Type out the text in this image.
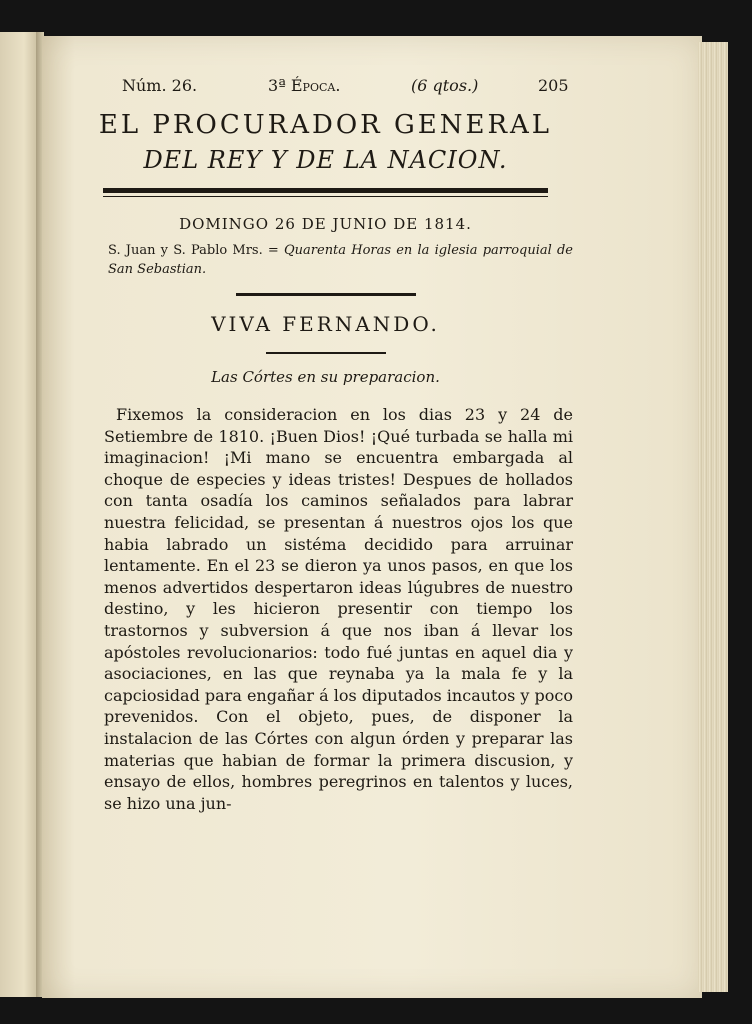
Núm. 26.	3ª Época.	(6 qtos.)	205
EL PROCURADOR GENERAL
DEL REY Y DE LA NACION.
DOMINGO 26 DE JUNIO DE 1814.
S. Juan y S. Pablo Mrs. = Quarenta Horas en la iglesia parroquial de San Sebastian.
VIVA FERNANDO.
Las Córtes en su preparacion.
Fixemos la consideracion en los dias 23 y 24 de Setiembre de 1810. ¡Buen Dios! ¡Qué turbada se halla mi imaginacion! ¡Mi mano se encuentra embargada al choque de especies y ideas tristes! Despues de hollados con tanta osadía los caminos señalados para labrar nuestra felicidad, se presentan á nuestros ojos los que habia labrado un sistéma decidido para arruinar lentamente. En el 23 se dieron ya unos pasos, en que los menos advertidos despertaron ideas lúgubres de nuestro destino, y les hicieron presentir con tiempo los trastornos y subversion á que nos iban á llevar los apóstoles revolucionarios: todo fué juntas en aquel dia y asociaciones, en las que reynaba ya la mala fe y la capciosidad para engañar á los diputados incautos y poco prevenidos. Con el objeto, pues, de disponer la instalacion de las Córtes con algun órden y preparar las materias que habian de formar la primera discusion, y ensayo de ellos, hombres peregrinos en talentos y luces, se hizo una jun-
